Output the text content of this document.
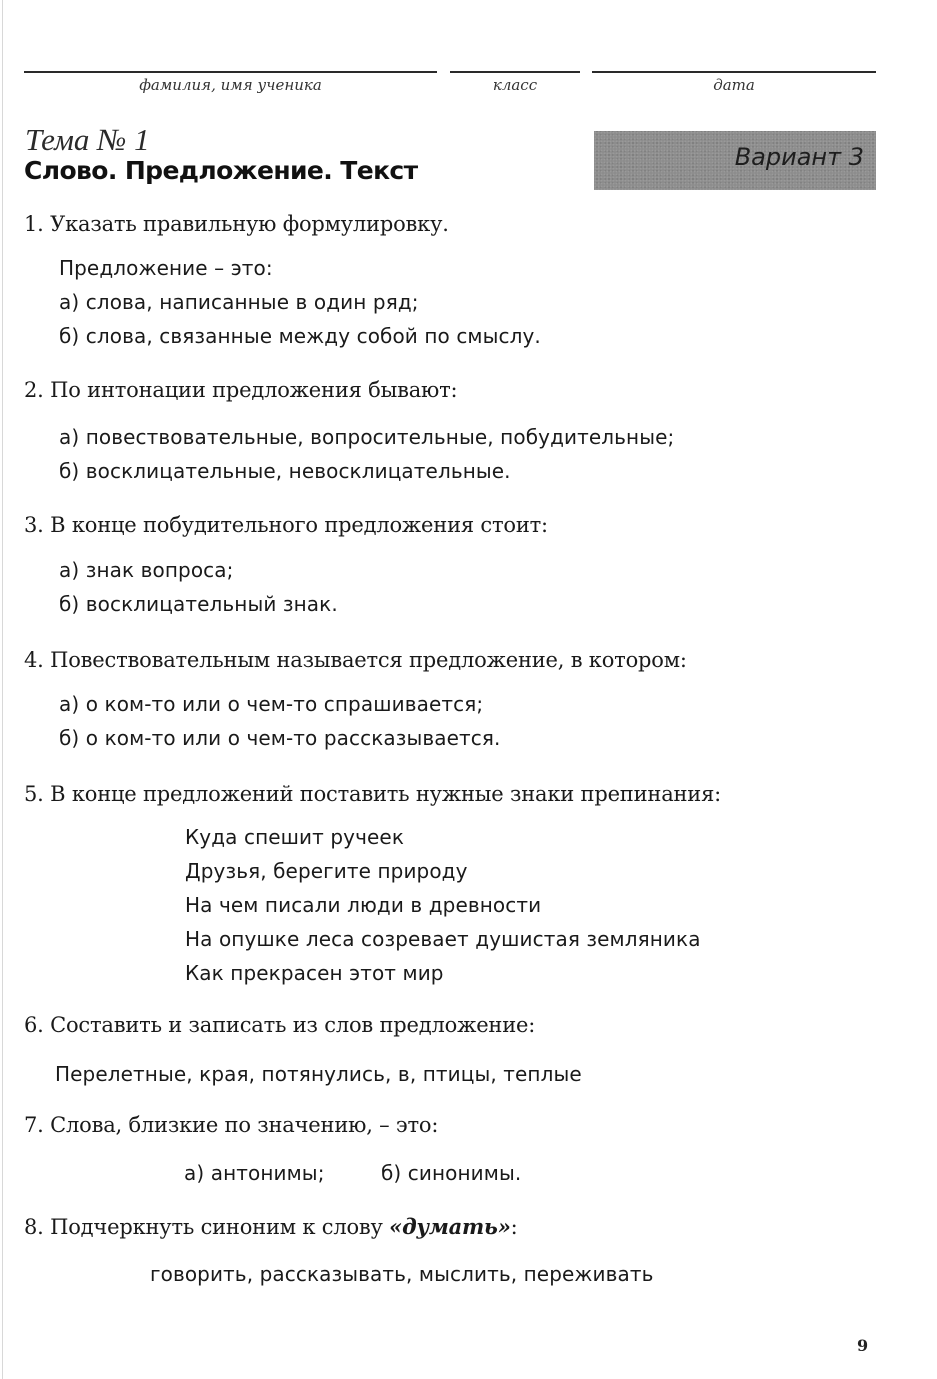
фамилия, имя ученика	класс	дата
Тема № 1
Слово. Предложение. Текст	Вариант 3
1. Указать правильную формулировку.
Предложение – это:
а) слова, написанные в один ряд;
б) слова, связанные между собой по смыслу.
2. По интонации предложения бывают:
а) повествовательные, вопросительные, побудительные;
б) восклицательные, невосклицательные.
3. В конце побудительного предложения стоит:
а) знак вопроса;
б) восклицательный знак.
4. Повествовательным называется предложение, в котором:
а) о ком-то или о чем-то спрашивается;
б) о ком-то или о чем-то рассказывается.
5. В конце предложений поставить нужные знаки препинания:
Куда спешит ручеек
Друзья, берегите природу
На чем писали люди в древности
На опушке леса созревает душистая земляника
Как прекрасен этот мир
6. Составить и записать из слов предложение:
Перелетные, края, потянулись, в, птицы, теплые
7. Слова, близкие по значению, – это:
а) антонимы;	б) синонимы.
8. Подчеркнуть синоним к слову «думать»:
говорить, рассказывать, мыслить, переживать
9
